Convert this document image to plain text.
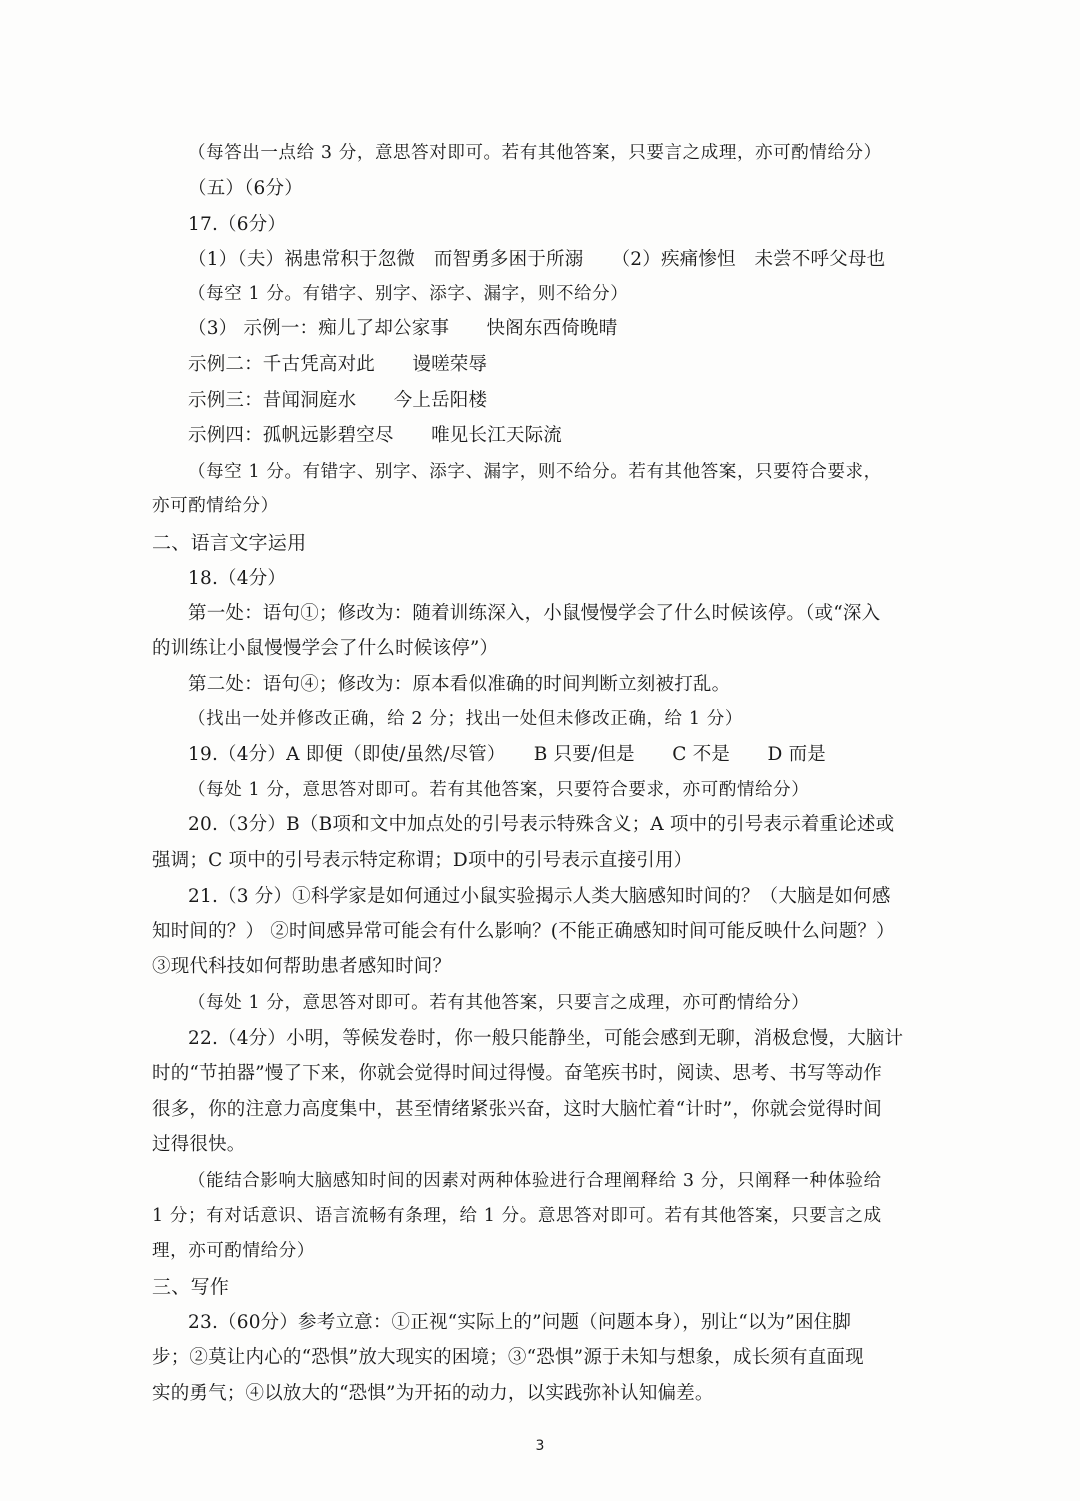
（每答出一点给 3 分，意思答对即可。若有其他答案，只要言之成理，亦可酌情给分）
（五）（6分）
17.（6分）
（1）（夫）祸患常积于忽微　而智勇多困于所溺　　（2）疾痛惨怛　未尝不呼父母也
（每空 1 分。有错字、别字、添字、漏字，则不给分）
（3） 示例一：痴儿了却公家事　　快阁东西倚晚晴
示例二：千古凭高对此　　谩嗟荣辱
示例三：昔闻洞庭水　　今上岳阳楼
示例四：孤帆远影碧空尽　　唯见长江天际流
（每空 1 分。有错字、别字、添字、漏字，则不给分。若有其他答案，只要符合要求，
亦可酌情给分）
二、语言文字运用
18.（4分）
第一处：语句①；修改为：随着训练深入，小鼠慢慢学会了什么时候该停。（或“深入
的训练让小鼠慢慢学会了什么时候该停”）
第二处：语句④；修改为：原本看似准确的时间判断立刻被打乱。
（找出一处并修改正确，给 2 分；找出一处但未修改正确，给 1 分）
19.（4分）A 即便（即使/虽然/尽管）　　B 只要/但是　　C 不是　　D 而是
（每处 1 分，意思答对即可。若有其他答案，只要符合要求，亦可酌情给分）
20.（3分）B（B项和文中加点处的引号表示特殊含义；A 项中的引号表示着重论述或
强调；C 项中的引号表示特定称谓；D项中的引号表示直接引用）
21.（3 分）①科学家是如何通过小鼠实验揭示人类大脑感知时间的？（大脑是如何感
知时间的？） ②时间感异常可能会有什么影响？(不能正确感知时间可能反映什么问题？）
③现代科技如何帮助患者感知时间？
（每处 1 分，意思答对即可。若有其他答案，只要言之成理，亦可酌情给分）
22.（4分）小明，等候发卷时，你一般只能静坐，可能会感到无聊，消极怠慢，大脑计
时的“节拍器”慢了下来，你就会觉得时间过得慢。奋笔疾书时，阅读、思考、书写等动作
很多，你的注意力高度集中，甚至情绪紧张兴奋，这时大脑忙着“计时”，你就会觉得时间
过得很快。
（能结合影响大脑感知时间的因素对两种体验进行合理阐释给 3 分，只阐释一种体验给
1 分；有对话意识、语言流畅有条理，给 1 分。意思答对即可。若有其他答案，只要言之成
理，亦可酌情给分）
三、写作
23.（60分）参考立意：①正视“实际上的”问题（问题本身），别让“以为”困住脚
步；②莫让内心的“恐惧”放大现实的困境；③“恐惧”源于未知与想象，成长须有直面现
实的勇气；④以放大的“恐惧”为开拓的动力，以实践弥补认知偏差。
3
